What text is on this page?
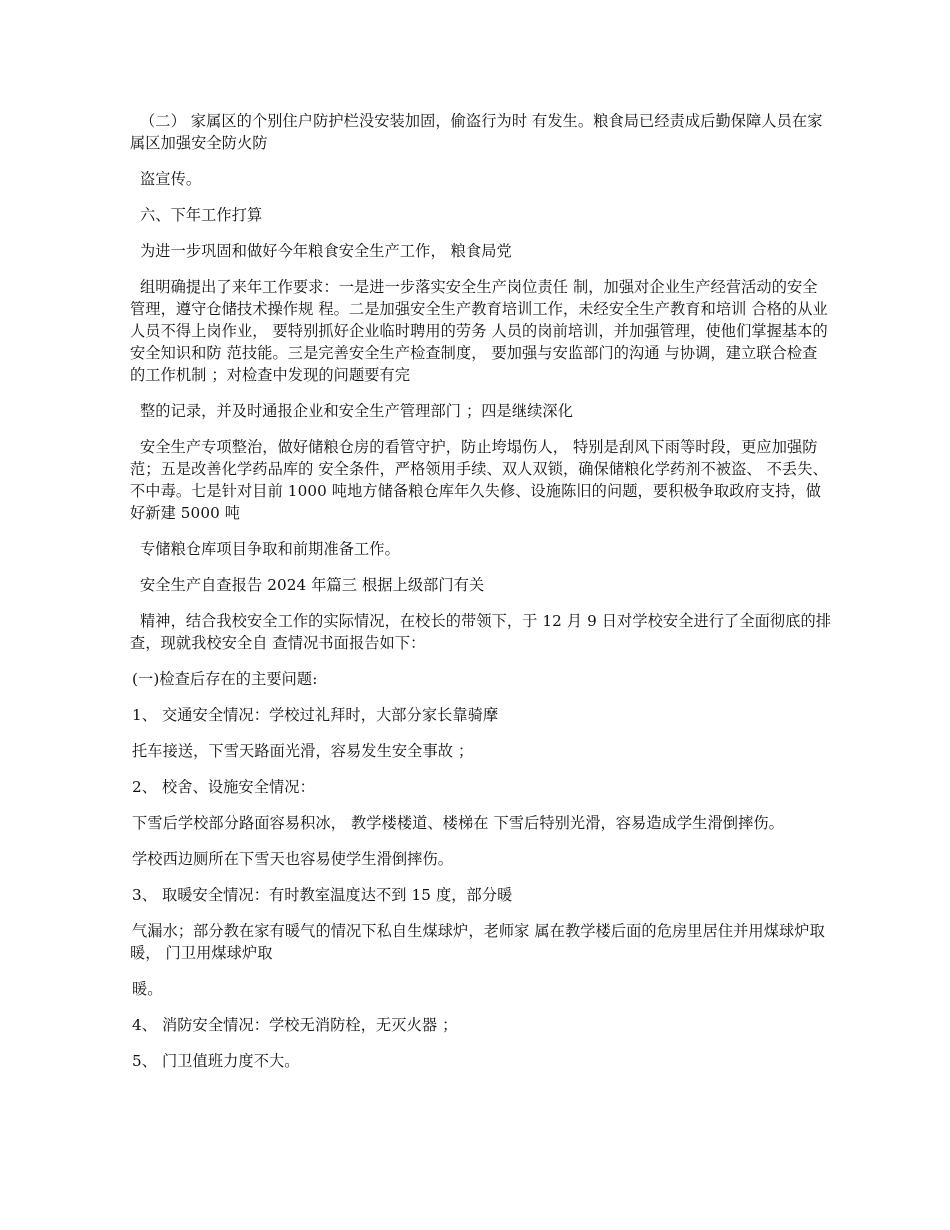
（二） 家属区的个别住户防护栏没安装加固，偷盗行为时 有发生。粮食局已经责成后勤保障人员在家属区加强安全防火防

盗宣传。

六、下年工作打算

为进一步巩固和做好今年粮食安全生产工作， 粮食局党

组明确提出了来年工作要求：一是进一步落实安全生产岗位责任 制，加强对企业生产经营活动的安全管理，遵守仓储技术操作规 程。二是加强安全生产教育培训工作，未经安全生产教育和培训 合格的从业人员不得上岗作业， 要特别抓好企业临时聘用的劳务 人员的岗前培训，并加强管理，使他们掌握基本的安全知识和防 范技能。三是完善安全生产检查制度， 要加强与安监部门的沟通 与协调，建立联合检查的工作机制 ；对检查中发现的问题要有完

整的记录，并及时通报企业和安全生产管理部门 ；四是继续深化

安全生产专项整治，做好储粮仓房的看管守护，防止垮塌伤人， 特别是刮风下雨等时段，更应加强防范；五是改善化学药品库的 安全条件，严格领用手续、双人双锁，确保储粮化学药剂不被盗、 不丢失、不中毒。七是针对目前 1000 吨地方储备粮仓库年久失修、设施陈旧的问题，要积极争取政府支持，做好新建 5000 吨

专储粮仓库项目争取和前期准备工作。

安全生产自查报告 2024 年篇三 根据上级部门有关

精神，结合我校安全工作的实际情况，在校长的带领下，于 12 月 9 日对学校安全进行了全面彻底的排查，现就我校安全自 查情况书面报告如下：

(一)检查后存在的主要问题:

1、 交通安全情况：学校过礼拜时，大部分家长靠骑摩

托车接送，下雪天路面光滑，容易发生安全事故 ；

2、 校舍、设施安全情况：

下雪后学校部分路面容易积冰， 教学楼楼道、楼梯在 下雪后特别光滑，容易造成学生滑倒摔伤。

学校西边厕所在下雪天也容易使学生滑倒摔伤。

3、 取暖安全情况：有时教室温度达不到 15 度，部分暖

气漏水；部分教在家有暖气的情况下私自生煤球炉，老师家 属在教学楼后面的危房里居住并用煤球炉取暖， 门卫用煤球炉取

暖。

4、 消防安全情况：学校无消防栓，无灭火器 ；

5、 门卫值班力度不大。
